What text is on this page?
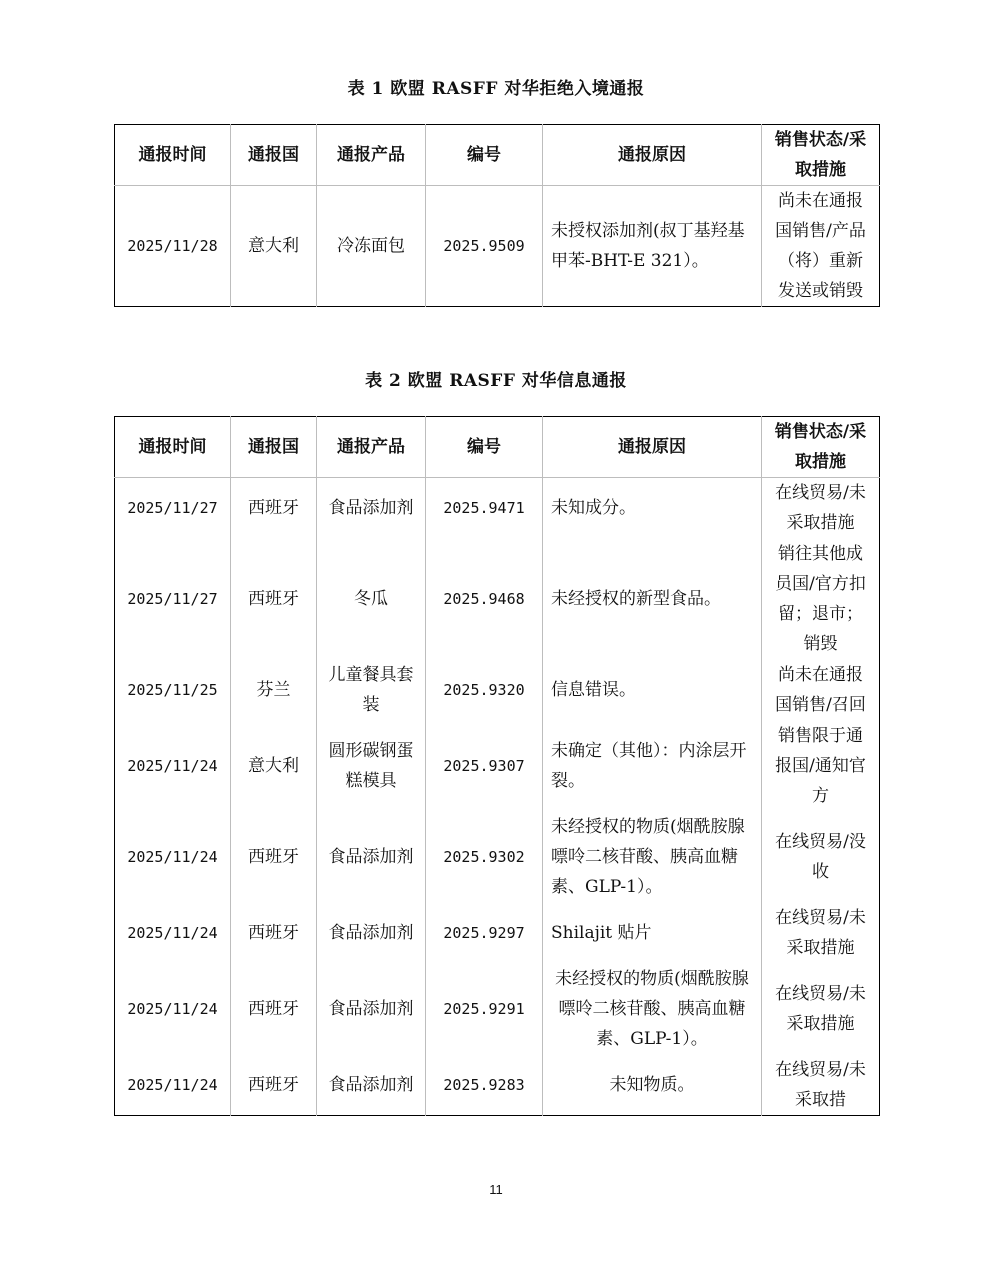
表 1 欧盟 RASFF 对华拒绝入境通报
通报时间	通报国	通报产品	编号	通报原因	销售状态/采取措施
2025/11/28	意大利	冷冻面包	2025.9509	未授权添加剂(叔丁基羟基甲苯-BHT-E 321）。	尚未在通报国销售/产品（将）重新发送或销毁
表 2 欧盟 RASFF 对华信息通报
通报时间	通报国	通报产品	编号	通报原因	销售状态/采取措施
2025/11/27	西班牙	食品添加剂	2025.9471	未知成分。	在线贸易/未采取措施
2025/11/27	西班牙	冬瓜	2025.9468	未经授权的新型食品。	销往其他成员国/官方扣留；退市；销毁
2025/11/25	芬兰	儿童餐具套装	2025.9320	信息错误。	尚未在通报国销售/召回
2025/11/24	意大利	圆形碳钢蛋糕模具	2025.9307	未确定（其他）：内涂层开裂。	销售限于通报国/通知官方
2025/11/24	西班牙	食品添加剂	2025.9302	未经授权的物质(烟酰胺腺嘌呤二核苷酸、胰高血糖素、GLP-1）。	在线贸易/没收
2025/11/24	西班牙	食品添加剂	2025.9297	Shilajit 贴片	在线贸易/未采取措施
2025/11/24	西班牙	食品添加剂	2025.9291	未经授权的物质(烟酰胺腺嘌呤二核苷酸、胰高血糖素、GLP-1）。	在线贸易/未采取措施
2025/11/24	西班牙	食品添加剂	2025.9283	未知物质。	在线贸易/未采取措
11
